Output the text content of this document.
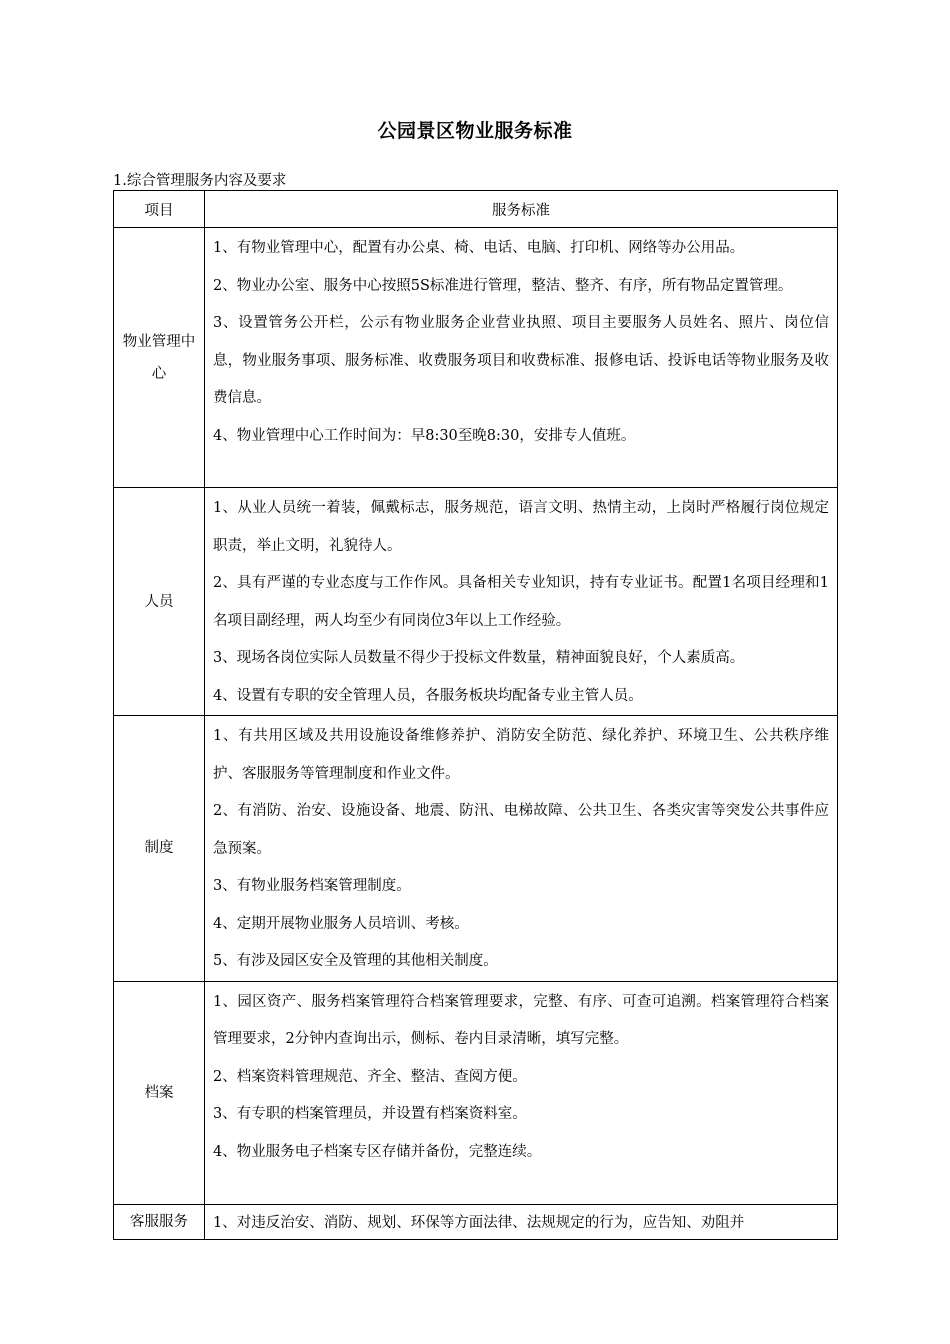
公园景区物业服务标准
1.综合管理服务内容及要求
项目	服务标准
物业管理中心	1、有物业管理中心，配置有办公桌、椅、电话、电脑、打印机、网络等办公用品。

2、物业办公室、服务中心按照5S标准进行管理，整洁、整齐、有序，所有物品定置管理。

3、设置管务公开栏，公示有物业服务企业营业执照、项目主要服务人员姓名、照片、岗位信息，物业服务事项、服务标准、收费服务项目和收费标准、报修电话、投诉电话等物业服务及收费信息。

4、物业管理中心工作时间为：早8:30至晚8:30，安排专人值班。

人员	1、从业人员统一着装，佩戴标志，服务规范，语言文明、热情主动，上岗时严格履行岗位规定职责，举止文明，礼貌待人。

2、具有严谨的专业态度与工作作风。具备相关专业知识，持有专业证书。配置1名项目经理和1名项目副经理，两人均至少有同岗位3年以上工作经验。

3、现场各岗位实际人员数量不得少于投标文件数量，精神面貌良好，个人素质高。

4、设置有专职的安全管理人员，各服务板块均配备专业主管人员。

制度	1、有共用区域及共用设施设备维修养护、消防安全防范、绿化养护、环境卫生、公共秩序维护、客服服务等管理制度和作业文件。

2、有消防、治安、设施设备、地震、防汛、电梯故障、公共卫生、各类灾害等突发公共事件应急预案。

3、有物业服务档案管理制度。

4、定期开展物业服务人员培训、考核。

5、有涉及园区安全及管理的其他相关制度。

档案	1、园区资产、服务档案管理符合档案管理要求，完整、有序、可查可追溯。档案管理符合档案管理要求，2分钟内查询出示，侧标、卷内目录清晰，填写完整。

2、档案资料管理规范、齐全、整洁、查阅方便。

3、有专职的档案管理员，并设置有档案资料室。

4、物业服务电子档案专区存储并备份，完整连续。

客服服务	1、对违反治安、消防、规划、环保等方面法律、法规规定的行为，应告知、劝阻并
